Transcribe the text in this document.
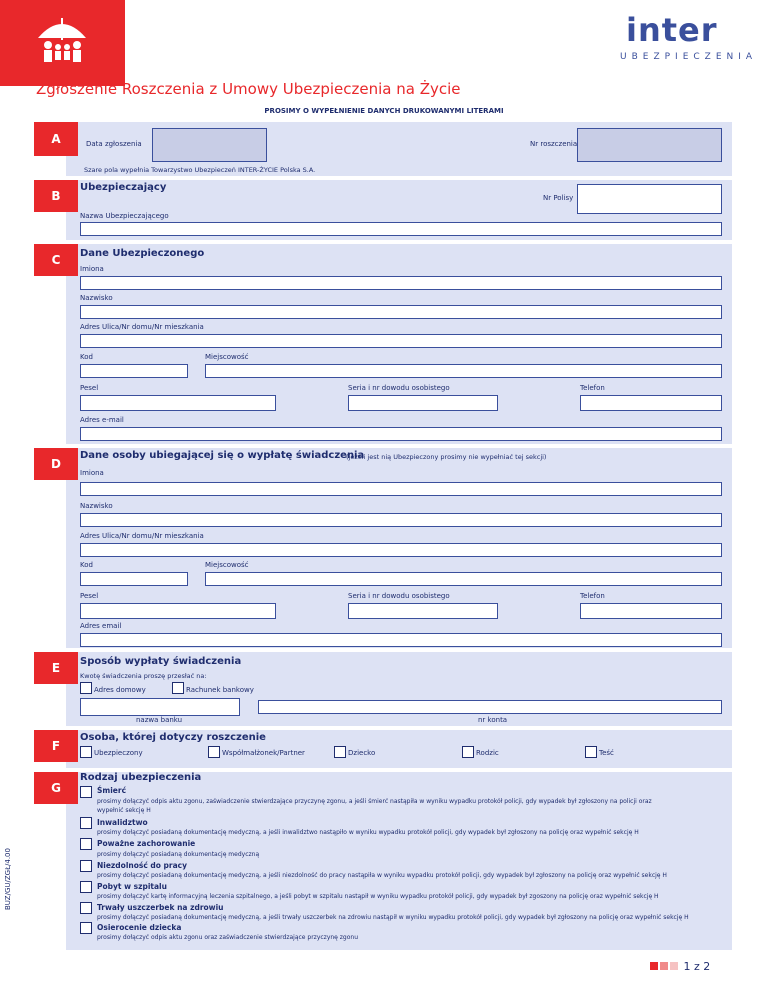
inter
UBEZPIECZENIA
Zgłoszenie Roszczenia z Umowy Ubezpieczenia na Życie
PROSIMY O WYPEŁNIENIE DANYCH DRUKOWANYMI LITERAMI
A	Data zgłoszenia	Nr roszczenia
Szare pola wypełnia Towarzystwo Ubezpieczeń INTER-ŻYCIE Polska S.A.
B
Ubezpieczający
Nr Polisy
Nazwa Ubezpieczającego
C	Dane Ubezpieczonego
Imiona
Nazwisko
Adres Ulica/Nr domu/Nr mieszkania
Kod	Miejscowość
Pesel	Seria i nr dowodu osobistego	Telefon
Adres e-mail
D
Dane osoby ubiegającej się o wypłatę świadczenia
(jeżeli jest nią Ubezpieczony prosimy nie wypełniać tej sekcji)
Imiona
Nazwisko
Adres Ulica/Nr domu/Nr mieszkania
Kod	Miejscowość
Pesel	Seria i nr dowodu osobistego	Telefon
Adres email
E	Sposób wypłaty świadczenia
Kwotę świadczenia proszę przesłać na:
Adres domowy	Rachunek bankowy
nazwa banku	nr konta
F
Osoba, której dotyczy roszczenie
Ubezpieczony	Współmałżonek/Partner	Dziecko	Rodzic	Teść
G
Rodzaj ubezpieczenia
Śmierć
prosimy dołączyć odpis aktu zgonu, zaświadczenie stwierdzające przyczynę zgonu, a jeśli śmierć nastąpiła w wyniku wypadku protokół policji, gdy wypadek był zgłoszony na policji oraz
wypełnić sekcję H
Inwalidztwo
prosimy dołączyć posiadaną dokumentację medyczną, a jeśli inwalidztwo nastąpiło w wyniku wypadku protokół policji, gdy wypadek był zgłoszony na policję oraz wypełnić sekcję H
Poważne zachorowanie
prosimy dołączyć posiadaną dokumentację medyczną
Niezdolność do pracy
prosimy dołączyć posiadaną dokumentację medyczną, a jeśli niezdolność do pracy nastąpiła w wyniku wypadku protokół policji, gdy wypadek był zgłoszony na policję oraz wypełnić sekcję H
Pobyt w szpitalu
prosimy dołączyć kartę informacyjną leczenia szpitalnego, a jeśli pobyt w szpitalu nastąpił w wyniku wypadku protokół policji, gdy wypadek był zgoszony na policję oraz wypełnić sekcję H
Trwały uszczerbek na zdrowiu
prosimy dołączyć posiadaną dokumentację medyczną, a jeśli trwały uszczerbek na zdrowiu nastąpił w wyniku wypadku protokół policji, gdy wypadek był zgłoszony na policję oraz wypełnić sekcję H
Osierocenie dziecka
prosimy dołączyć odpis aktu zgonu oraz zaświadczenie stwierdzające przyczynę zgonu
BUZ/GU/ZGŁ/4.00
1 z 2
